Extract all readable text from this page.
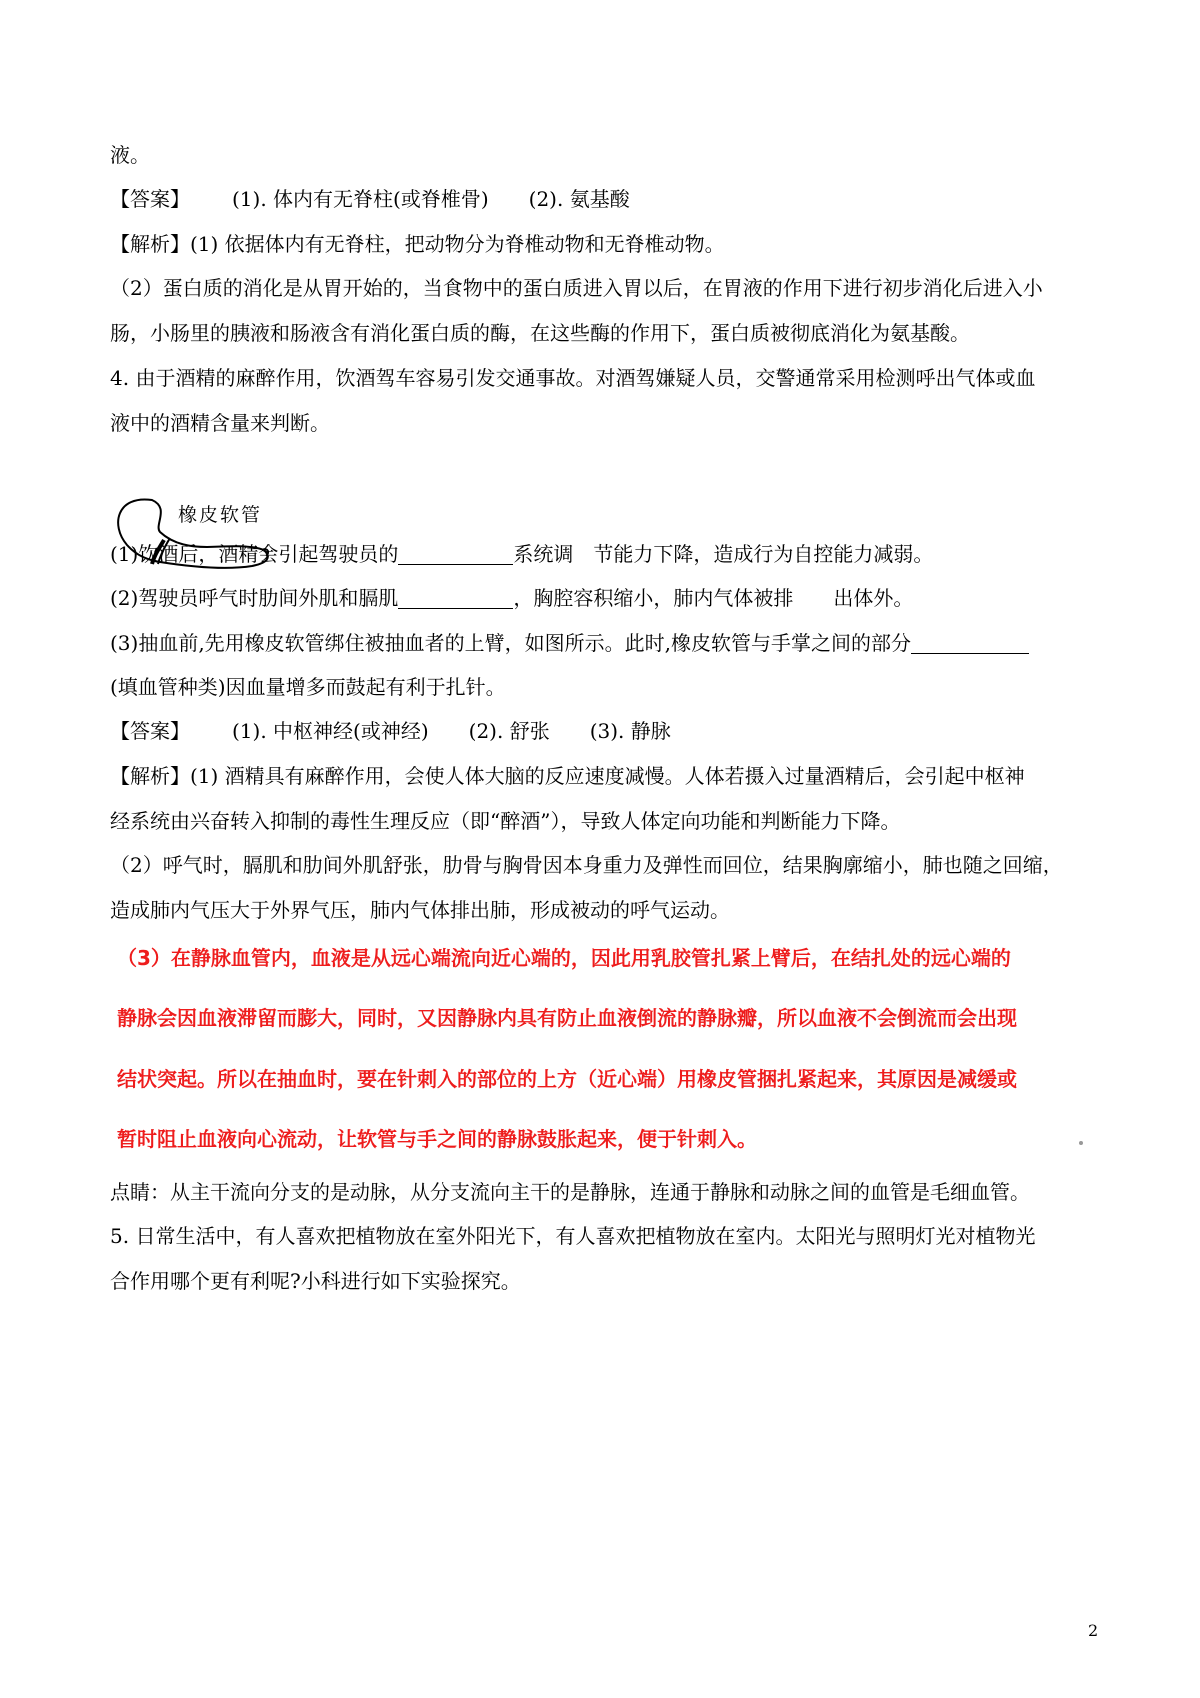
液。
【答案】 (1). 体内有无脊柱(或脊椎骨) (2). 氨基酸
【解析】(1) 依据体内有无脊柱，把动物分为脊椎动物和无脊椎动物。
（2）蛋白质的消化是从胃开始的，当食物中的蛋白质进入胃以后，在胃液的作用下进行初步消化后进入小
肠，小肠里的胰液和肠液含有消化蛋白质的酶，在这些酶的作用下，蛋白质被彻底消化为氨基酸。
4. 由于酒精的麻醉作用，饮酒驾车容易引发交通事故。对酒驾嫌疑人员，交警通常采用检测呼出气体或血
液中的酒精含量来判断。
橡皮软管
(1)饮酒后，酒精会引起驾驶员的	系统调 节能力下降，造成行为自控能力减弱。
(2)驾驶员呼气时肋间外肌和膈肌	，胸腔容积缩小，肺内气体被排 出体外。
(3)抽血前,先用橡皮软管绑住被抽血者的上臂，如图所示。此时,橡皮软管与手掌之间的部分
(填血管种类)因血量增多而鼓起有利于扎针。
【答案】 (1). 中枢神经(或神经) (2). 舒张 (3). 静脉
【解析】(1) 酒精具有麻醉作用，会使人体大脑的反应速度减慢。人体若摄入过量酒精后，会引起中枢神
经系统由兴奋转入抑制的毒性生理反应（即“醉酒”），导致人体定向功能和判断能力下降。
（2）呼气时，膈肌和肋间外肌舒张，肋骨与胸骨因本身重力及弹性而回位，结果胸廓缩小，肺也随之回缩，
造成肺内气压大于外界气压，肺内气体排出肺，形成被动的呼气运动。
（3）在静脉血管内，血液是从远心端流向近心端的，因此用乳胶管扎紧上臂后，在结扎处的远心端的
静脉会因血液滞留而膨大，同时，又因静脉内具有防止血液倒流的静脉瓣，所以血液不会倒流而会出现
结状突起。所以在抽血时，要在针刺入的部位的上方（近心端）用橡皮管捆扎紧起来，其原因是减缓或
暂时阻止血液向心流动，让软管与手之间的静脉鼓胀起来，便于针刺入。
点睛：从主干流向分支的是动脉，从分支流向主干的是静脉，连通于静脉和动脉之间的血管是毛细血管。
5. 日常生活中，有人喜欢把植物放在室外阳光下，有人喜欢把植物放在室内。太阳光与照明灯光对植物光
合作用哪个更有利呢?小科进行如下实验探究。
2
